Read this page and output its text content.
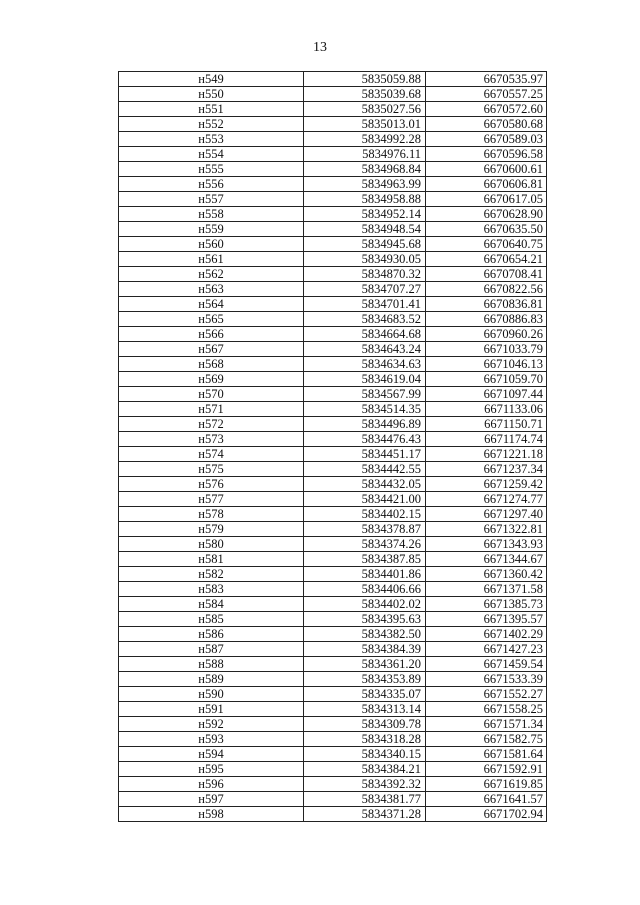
13
н549	5835059.88	6670535.97
н550	5835039.68	6670557.25
н551	5835027.56	6670572.60
н552	5835013.01	6670580.68
н553	5834992.28	6670589.03
н554	5834976.11	6670596.58
н555	5834968.84	6670600.61
н556	5834963.99	6670606.81
н557	5834958.88	6670617.05
н558	5834952.14	6670628.90
н559	5834948.54	6670635.50
н560	5834945.68	6670640.75
н561	5834930.05	6670654.21
н562	5834870.32	6670708.41
н563	5834707.27	6670822.56
н564	5834701.41	6670836.81
н565	5834683.52	6670886.83
н566	5834664.68	6670960.26
н567	5834643.24	6671033.79
н568	5834634.63	6671046.13
н569	5834619.04	6671059.70
н570	5834567.99	6671097.44
н571	5834514.35	6671133.06
н572	5834496.89	6671150.71
н573	5834476.43	6671174.74
н574	5834451.17	6671221.18
н575	5834442.55	6671237.34
н576	5834432.05	6671259.42
н577	5834421.00	6671274.77
н578	5834402.15	6671297.40
н579	5834378.87	6671322.81
н580	5834374.26	6671343.93
н581	5834387.85	6671344.67
н582	5834401.86	6671360.42
н583	5834406.66	6671371.58
н584	5834402.02	6671385.73
н585	5834395.63	6671395.57
н586	5834382.50	6671402.29
н587	5834384.39	6671427.23
н588	5834361.20	6671459.54
н589	5834353.89	6671533.39
н590	5834335.07	6671552.27
н591	5834313.14	6671558.25
н592	5834309.78	6671571.34
н593	5834318.28	6671582.75
н594	5834340.15	6671581.64
н595	5834384.21	6671592.91
н596	5834392.32	6671619.85
н597	5834381.77	6671641.57
н598	5834371.28	6671702.94
